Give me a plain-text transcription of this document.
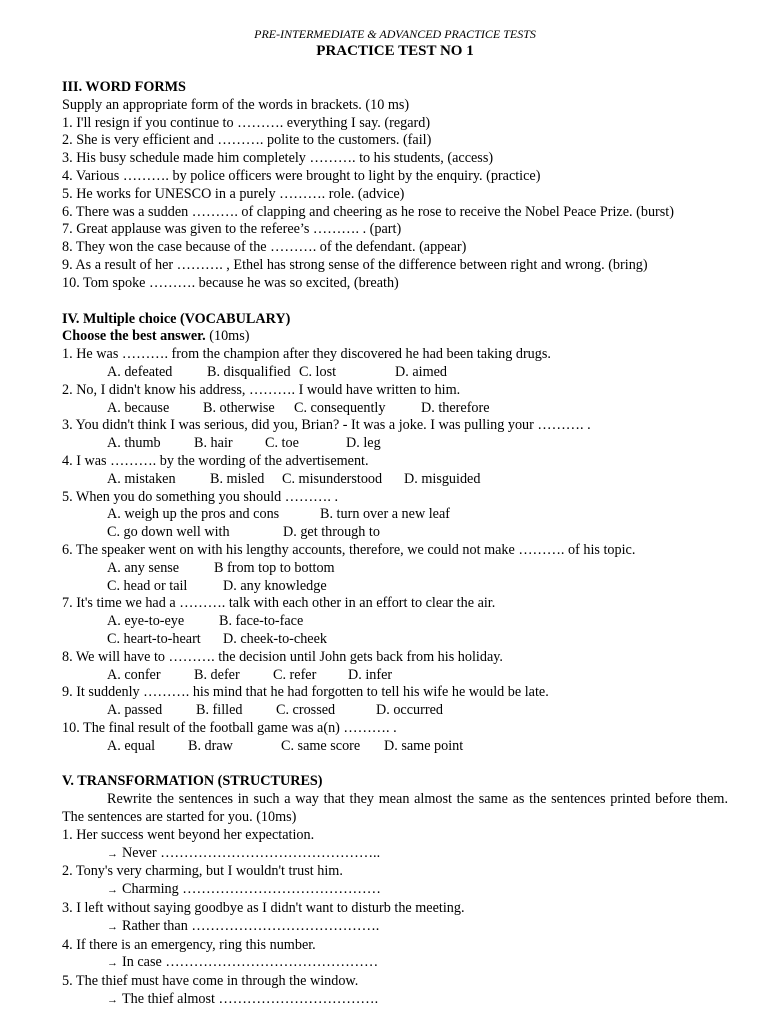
PRE-INTERMEDIATE & ADVANCED PRACTICE TESTS
PRACTICE TEST NO 1
III. WORD FORMS
Supply an appropriate form of the words in brackets. (10 ms)
1. I'll resign if you continue to ………. everything I say. (regard)
2. She is very efficient and ………. polite to the customers. (fail)
3. His busy schedule made him completely ………. to his students, (access)
4. Various ………. by police officers were brought to light by the enquiry. (practice)
5. He works for UNESCO in a purely ………. role. (advice)
6. There was a sudden ………. of clapping and cheering as he rose to receive the Nobel Peace Prize. (burst)
7. Great applause was given to the referee’s ………. . (part)
8. They won the case because of the ………. of the defendant. (appear)
9. As a result of her ………. , Ethel has strong sense of the difference between right and wrong. (bring)
10. Tom spoke ………. because he was so excited, (breath)
IV. Multiple choice (VOCABULARY)
Choose the best answer. (10ms)
1. He was ………. from the champion after they discovered he had been taking drugs.
A. defeated B. disqualified C. lost	D. aimed
2. No, I didn't know his address, ………. I would have written to him.
A. because B. otherwise C. consequently	D. therefore
3. You didn't think I was serious, did you, Brian? - It was a joke. I was pulling your ………. .
A. thumb B. hair C. toe	D. leg
4. I was ………. by the wording of the advertisement.
A. mistaken B. misled C. misunderstood D. misguided
5. When you do something you should ………. .
A. weigh up the pros and cons	B. turn over a new leaf
C. go down well with	D. get through to
6. The speaker went on with his lengthy accounts, therefore, we could not make ………. of his topic.
A. any sense B from top to bottom
C. head or tail	D. any knowledge
7. It's time we had a ………. talk with each other in an effort to clear the air.
A. eye-to-eye B. face-to-face
C. heart-to-heart D. cheek-to-cheek
8. We will have to ………. the decision until John gets back from his holiday.
A. confer B. defer C. refer D. infer
9. It suddenly ………. his mind that he had forgotten to tell his wife he would be late.
A. passed B. filled C. crossed	D. occurred
10. The final result of the football game was a(n) ………. .
A. equal B. draw	C. same score D. same point
V. TRANSFORMATION (STRUCTURES)
Rewrite the sentences in such a way that they mean almost the same as the sentences printed before them. The sentences are started for you. (10ms)
1. Her success went beyond her expectation.
→ Never ………………………………………..
2. Tony's very charming, but I wouldn't trust him.
→ Charming ……………………………………
3. I left without saying goodbye as I didn't want to disturb the meeting.
→ Rather than ………………………………….
4. If there is an emergency, ring this number.
→ In case ………………………………………
5. The thief must have come in through the window.
→ The thief almost …………………………….
